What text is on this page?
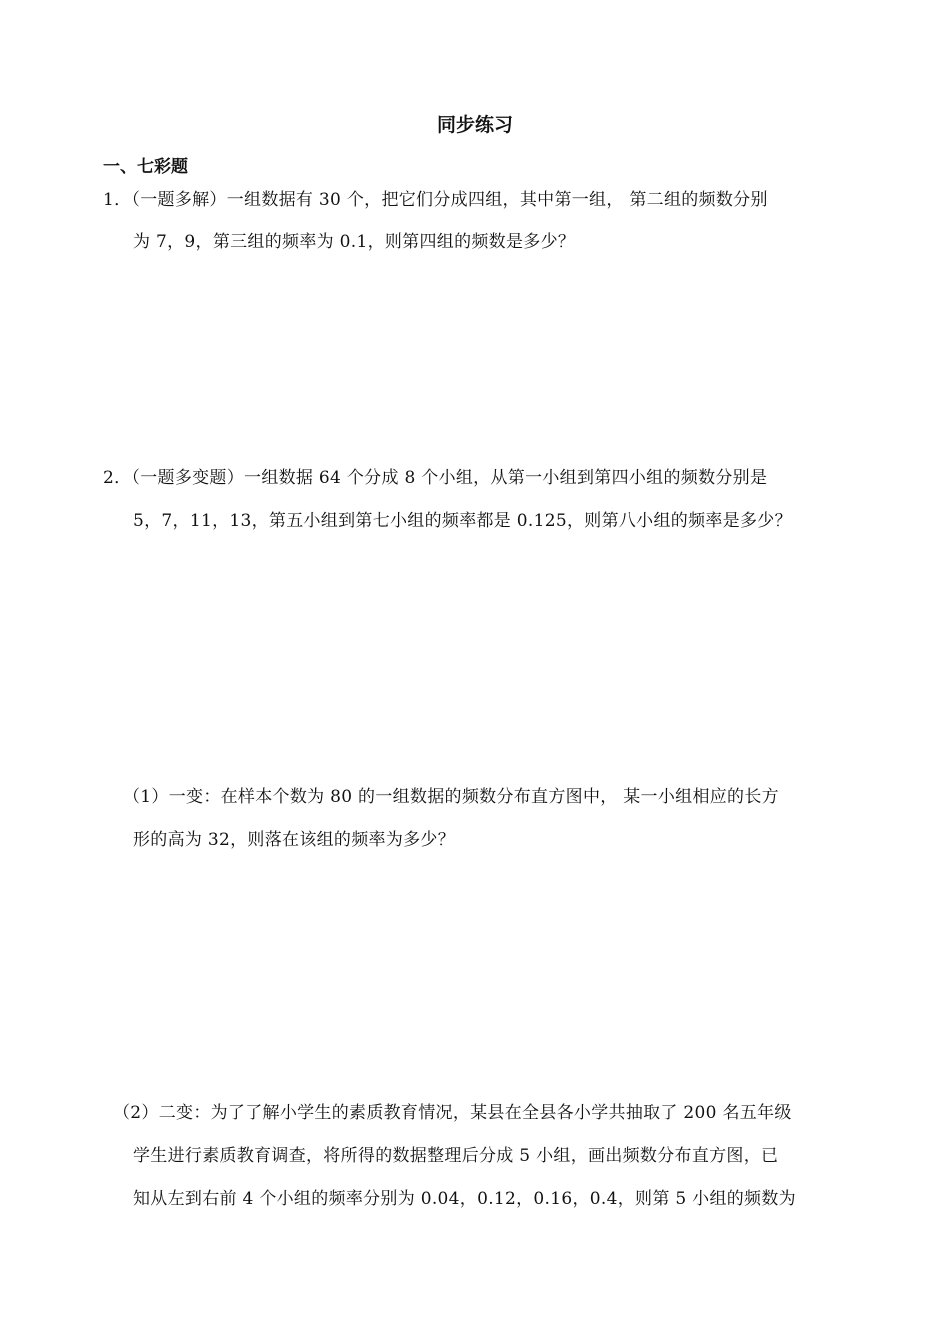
同步练习
一、七彩题
1．（一题多解）一组数据有 30 个，把它们分成四组，其中第一组， 第二组的频数分别
为 7，9，第三组的频率为 0.1，则第四组的频数是多少？
2．（一题多变题）一组数据 64 个分成 8 个小组，从第一小组到第四小组的频数分别是
5，7，11，13，第五小组到第七小组的频率都是 0.125，则第八小组的频率是多少？
（1）一变：在样本个数为 80 的一组数据的频数分布直方图中， 某一小组相应的长方
形的高为 32，则落在该组的频率为多少？
（2）二变：为了了解小学生的素质教育情况，某县在全县各小学共抽取了 200 名五年级
学生进行素质教育调查，将所得的数据整理后分成 5 小组，画出频数分布直方图，已
知从左到右前 4 个小组的频率分别为 0.04，0.12，0.16，0.4，则第 5 小组的频数为
